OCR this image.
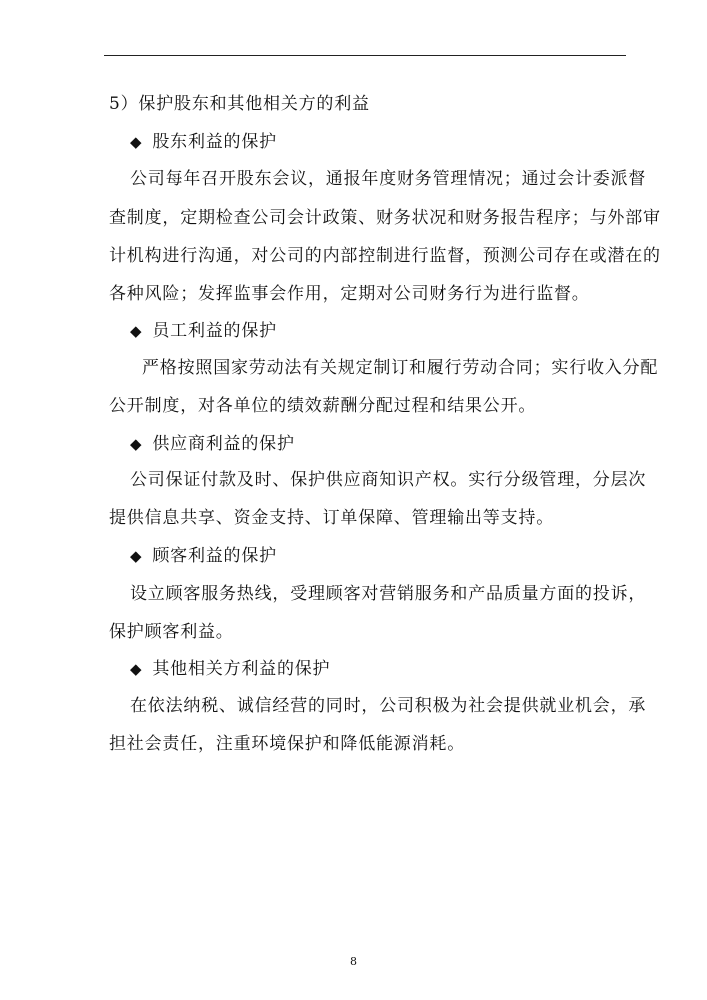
5）保护股东和其他相关方的利益
◆ 股东利益的保护
公司每年召开股东会议，通报年度财务管理情况；通过会计委派督
查制度，定期检查公司会计政策、财务状况和财务报告程序；与外部审
计机构进行沟通，对公司的内部控制进行监督，预测公司存在或潜在的
各种风险；发挥监事会作用，定期对公司财务行为进行监督。
◆ 员工利益的保护
严格按照国家劳动法有关规定制订和履行劳动合同；实行收入分配
公开制度，对各单位的绩效薪酬分配过程和结果公开。
◆ 供应商利益的保护
公司保证付款及时、保护供应商知识产权。实行分级管理，分层次
提供信息共享、资金支持、订单保障、管理输出等支持。
◆ 顾客利益的保护
设立顾客服务热线，受理顾客对营销服务和产品质量方面的投诉，
保护顾客利益。
◆ 其他相关方利益的保护
在依法纳税、诚信经营的同时，公司积极为社会提供就业机会，承
担社会责任，注重环境保护和降低能源消耗。
8
